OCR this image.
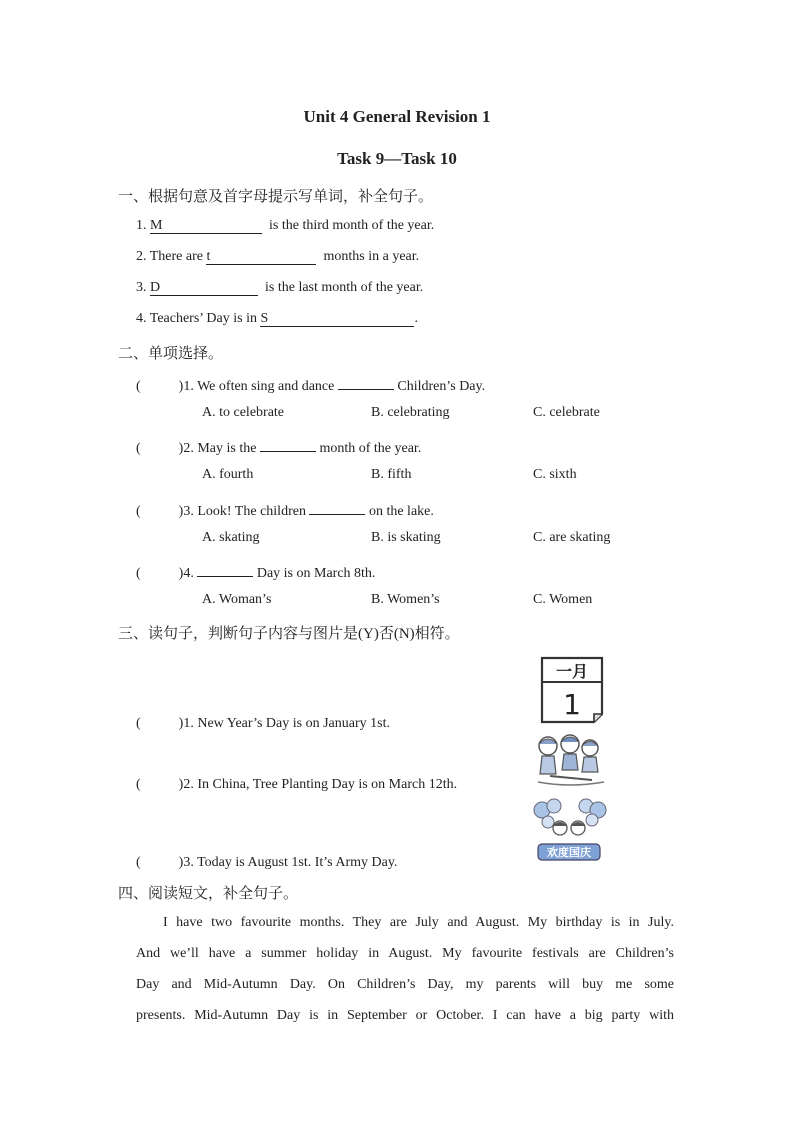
Unit 4 General Revision 1
Task 9—Task 10
一、根据句意及首字母提示写单词，补全句子。
1. M	is the third month of the year.
2. There are t	months in a year.
3. D	is the last month of the year.
4. Teachers’ Day is in S	.
二、单项选择。
(	)1. We often sing and dance	Children’s Day.
A. to celebrate	B. celebrating	C. celebrate
(	)2. May is the	month of the year.
A. fourth	B. fifth	C. sixth
(	)3. Look! The children	on the lake.
A. skating	B. is skating	C. are skating
(	)4.	Day is on March 8th.
A. Woman’s	B. Women’s	C. Women
三、读句子，判断句子内容与图片是(Y)否(N)相符。
(	)1. New Year’s Day is on January 1st.
(	)2. In China, Tree Planting Day is on March 12th.
(	)3. Today is August 1st. It’s Army Day.
一月
1
欢度国庆
四、阅读短文，补全句子。
I have two favourite months. They are July and August. My birthday is in July.
And we’ll have a summer holiday in August. My favourite festivals are Children’s
Day and Mid-Autumn Day. On Children’s Day, my parents will buy me some
presents. Mid-Autumn Day is in September or October. I can have a big party with
